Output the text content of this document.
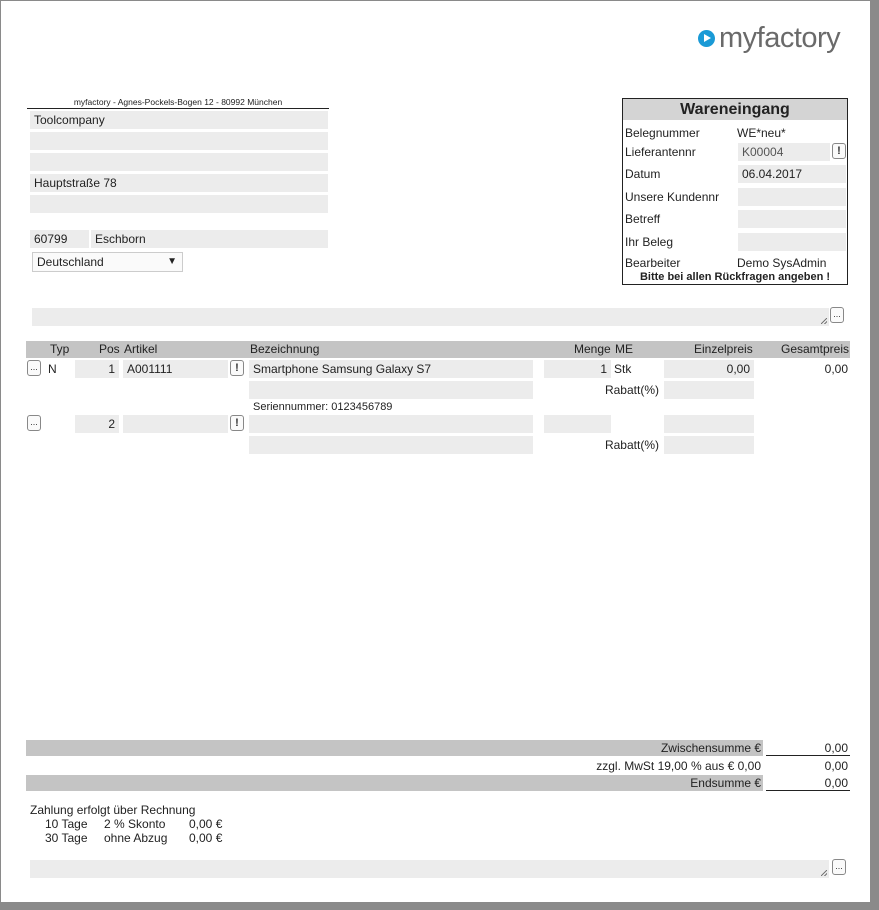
myfactory
myfactory - Agnes-Pockels-Bogen 12 - 80992 München
Toolcompany
Hauptstraße 78
60799	Eschborn
Deutschland	▼
Wareneingang
Belegnummer	WE*neu*
Lieferantennr	K00004	!
Datum	06.04.2017
Unsere Kundennr
Betreff
Ihr Beleg
Bearbeiter	Demo SysAdmin
Bitte bei allen Rückfragen angeben !
...
Typ Pos Artikel	Bezeichnung	Menge ME	Einzelpreis Gesamtpreis
... N	1	A001111	!	Smartphone Samsung Galaxy S7	1 Stk	0,00	0,00
Rabatt(%)
Seriennummer: 0123456789
...	2	!
Rabatt(%)
Zwischensumme €	0,00
zzgl. MwSt 19,00 % aus € 0,00	0,00
Endsumme €	0,00
Zahlung erfolgt über Rechnung
10 Tage 2 % Skonto 0,00 €
30 Tage ohne Abzug 0,00 €
...
